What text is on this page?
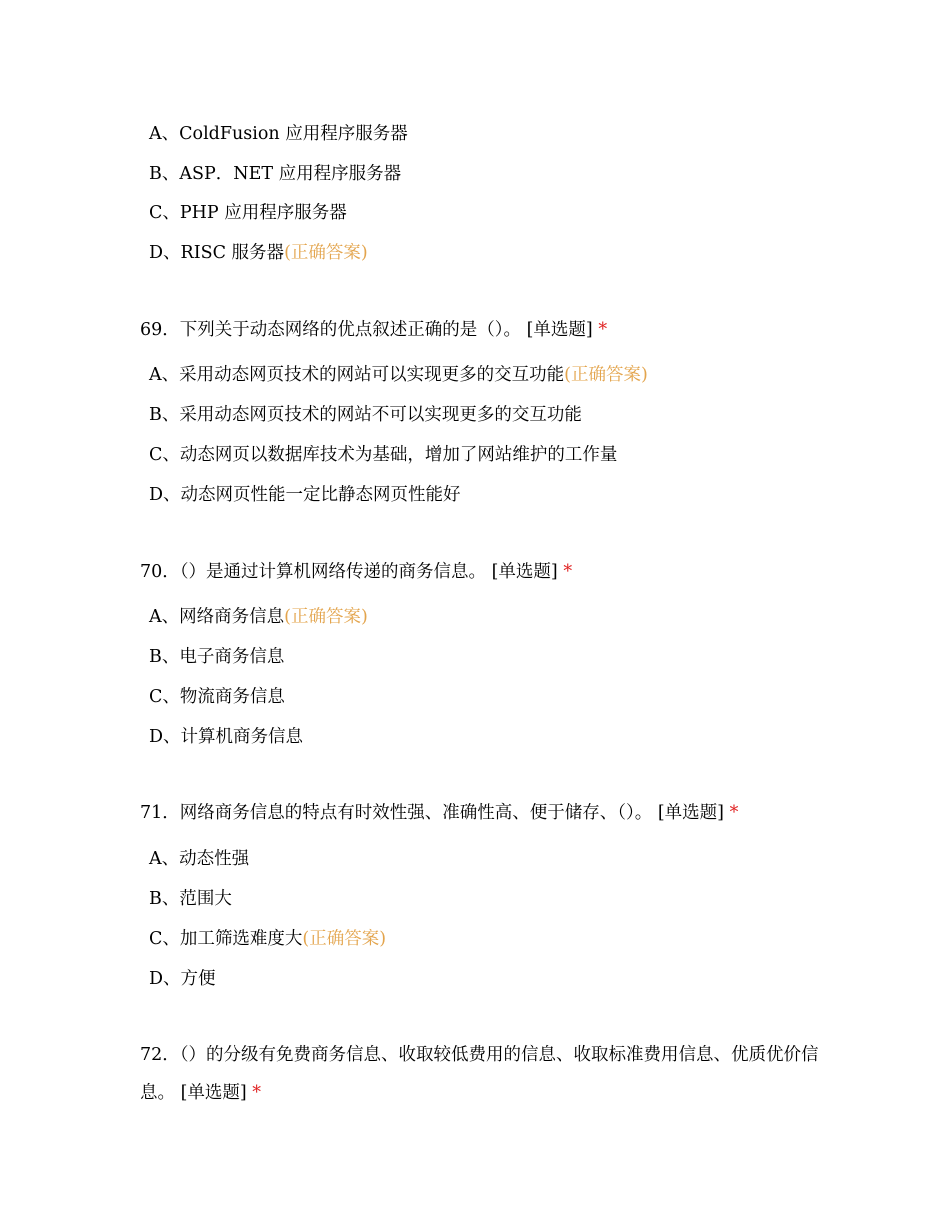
A、ColdFusion 应用程序服务器
B、ASP．NET 应用程序服务器
C、PHP 应用程序服务器
D、RISC 服务器(正确答案)
69．下列关于动态网络的优点叙述正确的是（）。 [单选题] *
A、采用动态网页技术的网站可以实现更多的交互功能(正确答案)
B、采用动态网页技术的网站不可以实现更多的交互功能
C、动态网页以数据库技术为基础，增加了网站维护的工作量
D、动态网页性能一定比静态网页性能好
70．（）是通过计算机网络传递的商务信息。 [单选题] *
A、网络商务信息(正确答案)
B、电子商务信息
C、物流商务信息
D、计算机商务信息
71．网络商务信息的特点有时效性强、准确性高、便于储存、（）。 [单选题] *
A、动态性强
B、范围大
C、加工筛选难度大(正确答案)
D、方便
72．（）的分级有免费商务信息、收取较低费用的信息、收取标准费用信息、优质优价信息。 [单选题] *
